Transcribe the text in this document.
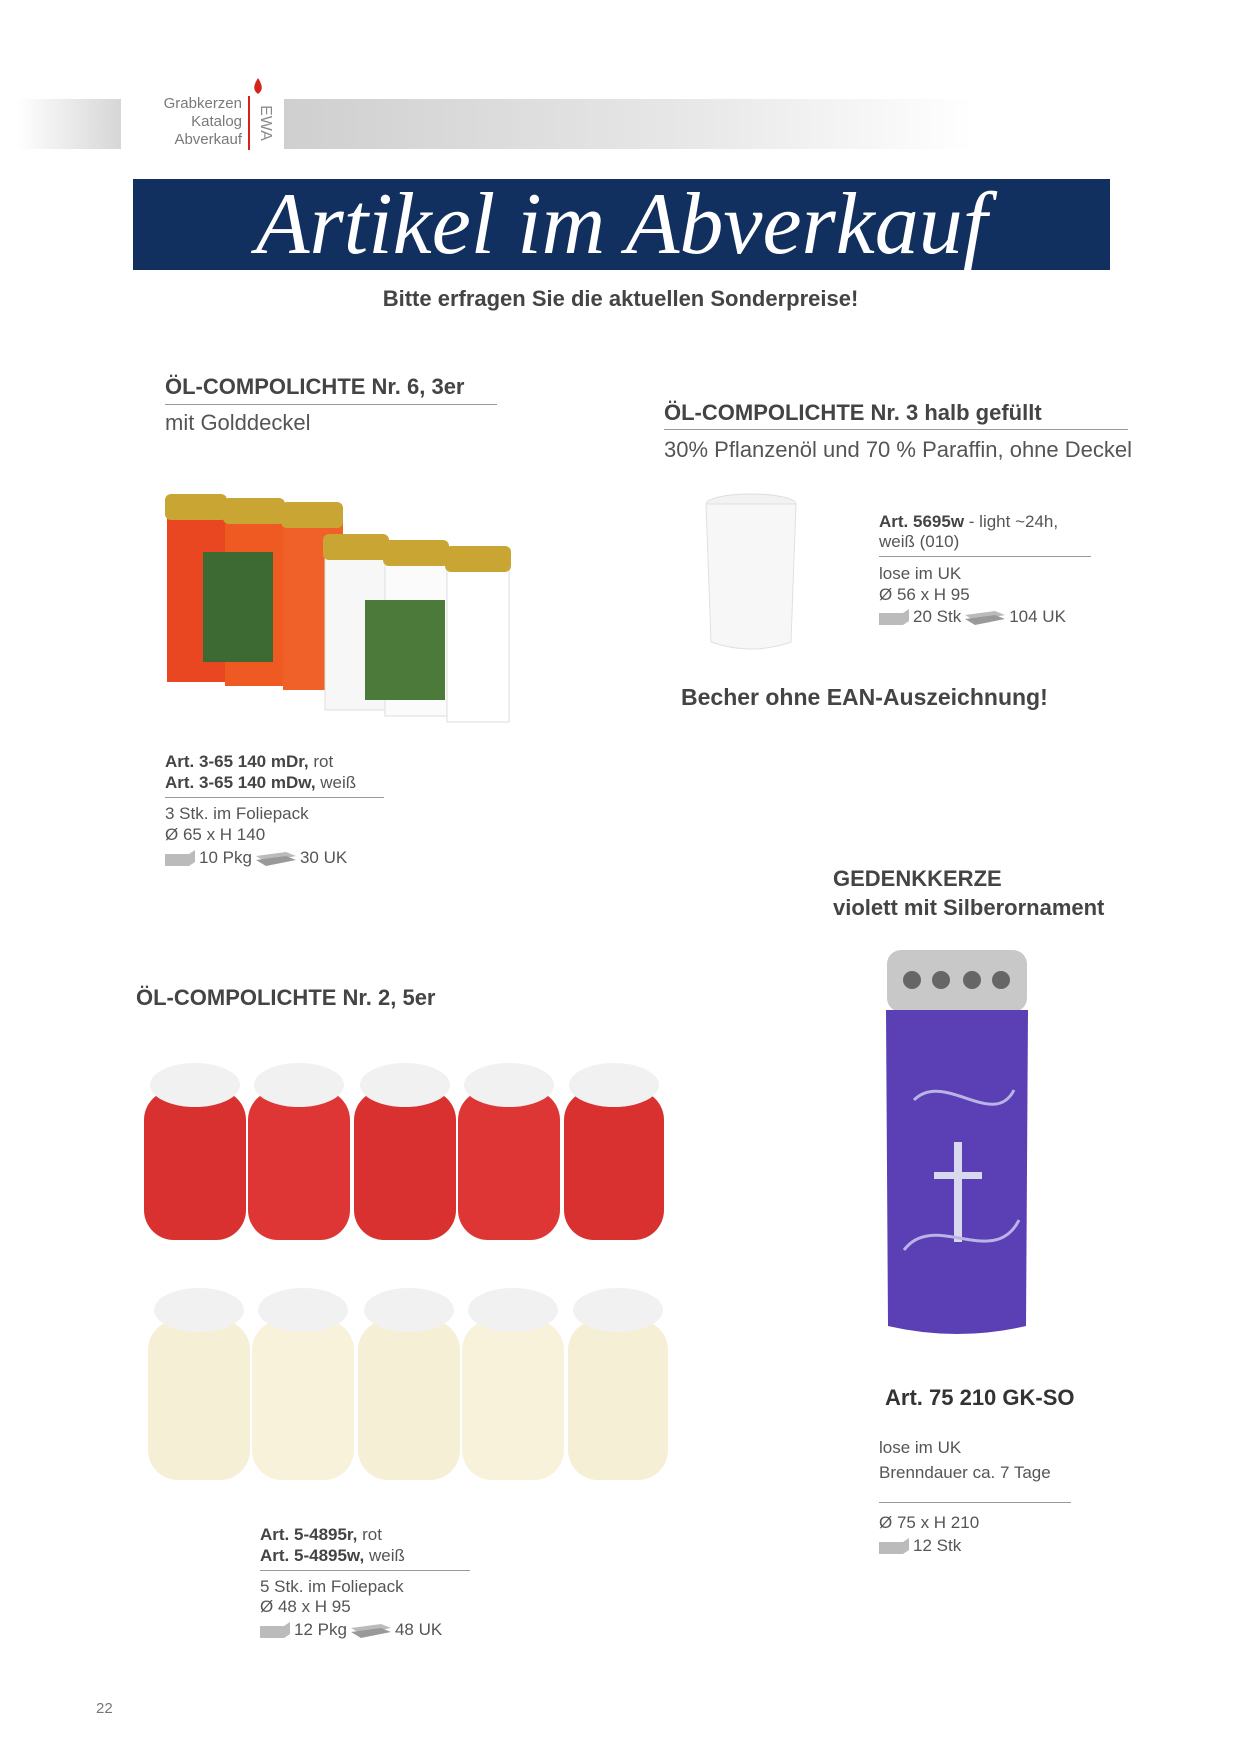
Grabkerzen
Katalog
Abverkauf EWA
Artikel im Abverkauf
Bitte erfragen Sie die aktuellen Sonderpreise!
ÖL-COMPOLICHTE Nr. 6, 3er
mit Golddeckel
Art. 3-65 140 mDr, rot
Art. 3-65 140 mDw, weiß
3 Stk. im Foliepack
Ø 65 x H 140
10 Pkg	30 UK
ÖL-COMPOLICHTE Nr. 3 halb gefüllt
30% Pflanzenöl und 70 % Paraffin, ohne Deckel
Art. 5695w - light ~24h,
weiß (010)
lose im UK
Ø 56 x H 95
20 Stk	104 UK
Becher ohne EAN-Auszeichnung!
GEDENKKERZE
violett mit Silberornament
Art. 75 210 GK-SO
lose im UK
Brenndauer ca. 7 Tage
Ø 75 x H 210
12 Stk
ÖL-COMPOLICHTE Nr. 2, 5er
Art. 5-4895r, rot
Art. 5-4895w, weiß
5 Stk. im Foliepack
Ø 48 x H 95
12 Pkg	48 UK
22
